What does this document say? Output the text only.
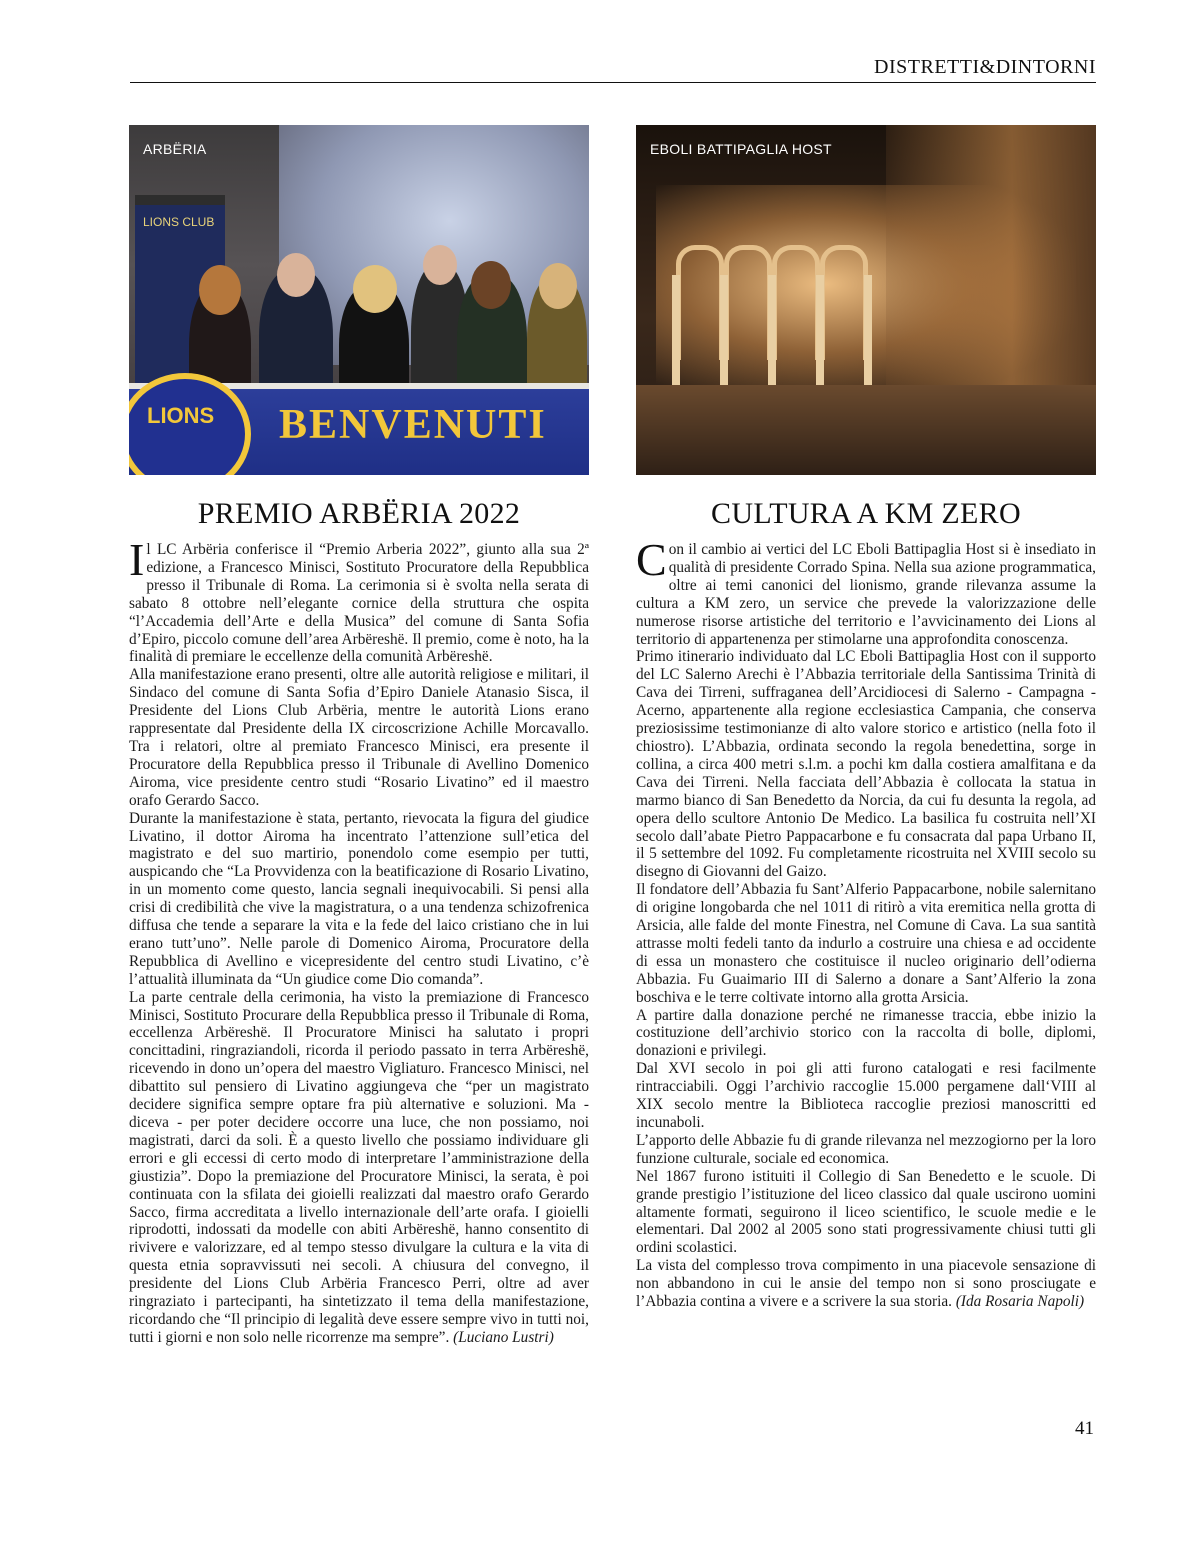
DISTRETTI&DINTORNI
LIONS CLUB
LIONS BENVENUTI
ARBËRIA
PREMIO ARBËRIA 2022

Il LC Arbëria conferisce il “Premio Arberia 2022”, giunto alla sua 2ª edizione, a Francesco Minisci, Sostituto Procuratore della Repubblica presso il Tribunale di Roma. La cerimonia si è svolta nella serata di sabato 8 ottobre nell’elegante cornice della struttura che ospita “l’Accademia dell’Arte e della Musica” del comune di Santa Sofia d’Epiro, piccolo comune dell’area Arbëreshë. Il premio, come è noto, ha la finalità di premiare le eccellenze della comunità Arbëreshë.

Alla manifestazione erano presenti, oltre alle autorità religiose e militari, il Sindaco del comune di Santa Sofia d’Epiro Daniele Atanasio Sisca, il Presidente del Lions Club Arbëria, mentre le autorità Lions erano rappresentate dal Presidente della IX circoscrizione Achille Morcavallo. Tra i relatori, oltre al premiato Francesco Minisci, era presente il Procuratore della Repubblica presso il Tribunale di Avellino Domenico Airoma, vice presidente centro studi “Rosario Livatino” ed il maestro orafo Gerardo Sacco.

Durante la manifestazione è stata, pertanto, rievocata la figura del giudice Livatino, il dottor Airoma ha incentrato l’attenzione sull’etica del magistrato e del suo martirio, ponendolo come esempio per tutti, auspicando che “La Provvidenza con la beatificazione di Rosario Livatino, in un momento come questo, lancia segnali inequivocabili. Si pensi alla crisi di credibilità che vive la magistratura, o a una tendenza schizofrenica diffusa che tende a separare la vita e la fede del laico cristiano che in lui erano tutt’uno”. Nelle parole di Domenico Airoma, Procuratore della Repubblica di Avellino e vicepresidente del centro studi Livatino, c’è l’attualità illuminata da “Un giudice come Dio comanda”.

La parte centrale della cerimonia, ha visto la premiazione di Francesco Minisci, Sostituto Procurare della Repubblica presso il Tribunale di Roma, eccellenza Arbëreshë. Il Procuratore Minisci ha salutato i propri concittadini, ringraziandoli, ricorda il periodo passato in terra Arbëreshë, ricevendo in dono un’opera del maestro Vigliaturo. Francesco Minisci, nel dibattito sul pensiero di Livatino aggiungeva che “per un magistrato decidere significa sempre optare fra più alternative e soluzioni. Ma - diceva - per poter decidere occorre una luce, che non possiamo, noi magistrati, darci da soli. È a questo livello che possiamo individuare gli errori e gli eccessi di certo modo di interpretare l’amministrazione della giustizia”. Dopo la premiazione del Procuratore Minisci, la serata, è poi continuata con la sfilata dei gioielli realizzati dal maestro orafo Gerardo Sacco, firma accreditata a livello internazionale dell’arte orafa. I gioielli riprodotti, indossati da modelle con abiti Arbëreshë, hanno consentito di rivivere e valorizzare, ed al tempo stesso divulgare la cultura e la vita di questa etnia sopravvissuti nei secoli. A chiusura del convegno, il presidente del Lions Club Arbëria Francesco Perri, oltre ad aver ringraziato i partecipanti, ha sintetizzato il tema della manifestazione, ricordando che “Il principio di legalità deve essere sempre vivo in tutti noi, tutti i giorni e non solo nelle ricorrenze ma sempre”. (Luciano Lustri)

EBOLI BATTIPAGLIA HOST
CULTURA A KM ZERO

Con il cambio ai vertici del LC Eboli Battipaglia Host si è insediato in qualità di presidente Corrado Spina. Nella sua azione programmatica, oltre ai temi canonici del lionismo, grande rilevanza assume la cultura a KM zero, un service che prevede la valorizzazione delle numerose risorse artistiche del territorio e l’avvicinamento dei Lions al territorio di appartenenza per stimolarne una approfondita conoscenza.

Primo itinerario individuato dal LC Eboli Battipaglia Host con il supporto del LC Salerno Arechi è l’Abbazia territoriale della Santissima Trinità di Cava dei Tirreni, suffraganea dell’Arcidiocesi di Salerno - Campagna - Acerno, appartenente alla regione ecclesiastica Campania, che conserva preziosissime testimonianze di alto valore storico e artistico (nella foto il chiostro). L’Abbazia, ordinata secondo la regola benedettina, sorge in collina, a circa 400 metri s.l.m. a pochi km dalla costiera amalfitana e da Cava dei Tirreni. Nella facciata dell’Abbazia è collocata la statua in marmo bianco di San Benedetto da Norcia, da cui fu desunta la regola, ad opera dello scultore Antonio De Medico. La basilica fu costruita nell’XI secolo dall’abate Pietro Pappacarbone e fu consacrata dal papa Urbano II, il 5 settembre del 1092. Fu completamente ricostruita nel XVIII secolo su disegno di Giovanni del Gaizo.

Il fondatore dell’Abbazia fu Sant’Alferio Pappacarbone, nobile salernitano di origine longobarda che nel 1011 di ritirò a vita eremitica nella grotta di Arsicia, alle falde del monte Finestra, nel Comune di Cava. La sua santità attrasse molti fedeli tanto da indurlo a costruire una chiesa e ad occidente di essa un monastero che costituisce il nucleo originario dell’odierna Abbazia. Fu Guaimario III di Salerno a donare a Sant’Alferio la zona boschiva e le terre coltivate intorno alla grotta Arsicia.

A partire dalla donazione perché ne rimanesse traccia, ebbe inizio la costituzione dell’archivio storico con la raccolta di bolle, diplomi, donazioni e privilegi.

Dal XVI secolo in poi gli atti furono catalogati e resi facilmente rintracciabili. Oggi l’archivio raccoglie 15.000 pergamene dall‘VIII al XIX secolo mentre la Biblioteca raccoglie preziosi manoscritti ed incunaboli.

L’apporto delle Abbazie fu di grande rilevanza nel mezzogiorno per la loro funzione culturale, sociale ed economica.

Nel 1867 furono istituiti il Collegio di San Benedetto e le scuole. Di grande prestigio l’istituzione del liceo classico dal quale uscirono uomini altamente formati, seguirono il liceo scientifico, le scuole medie e le elementari. Dal 2002 al 2005 sono stati progressivamente chiusi tutti gli ordini scolastici.

La vista del complesso trova compimento in una piacevole sensazione di non abbandono in cui le ansie del tempo non si sono prosciugate e l’Abbazia contina a vivere e a scrivere la sua storia. (Ida Rosaria Napoli)

41
